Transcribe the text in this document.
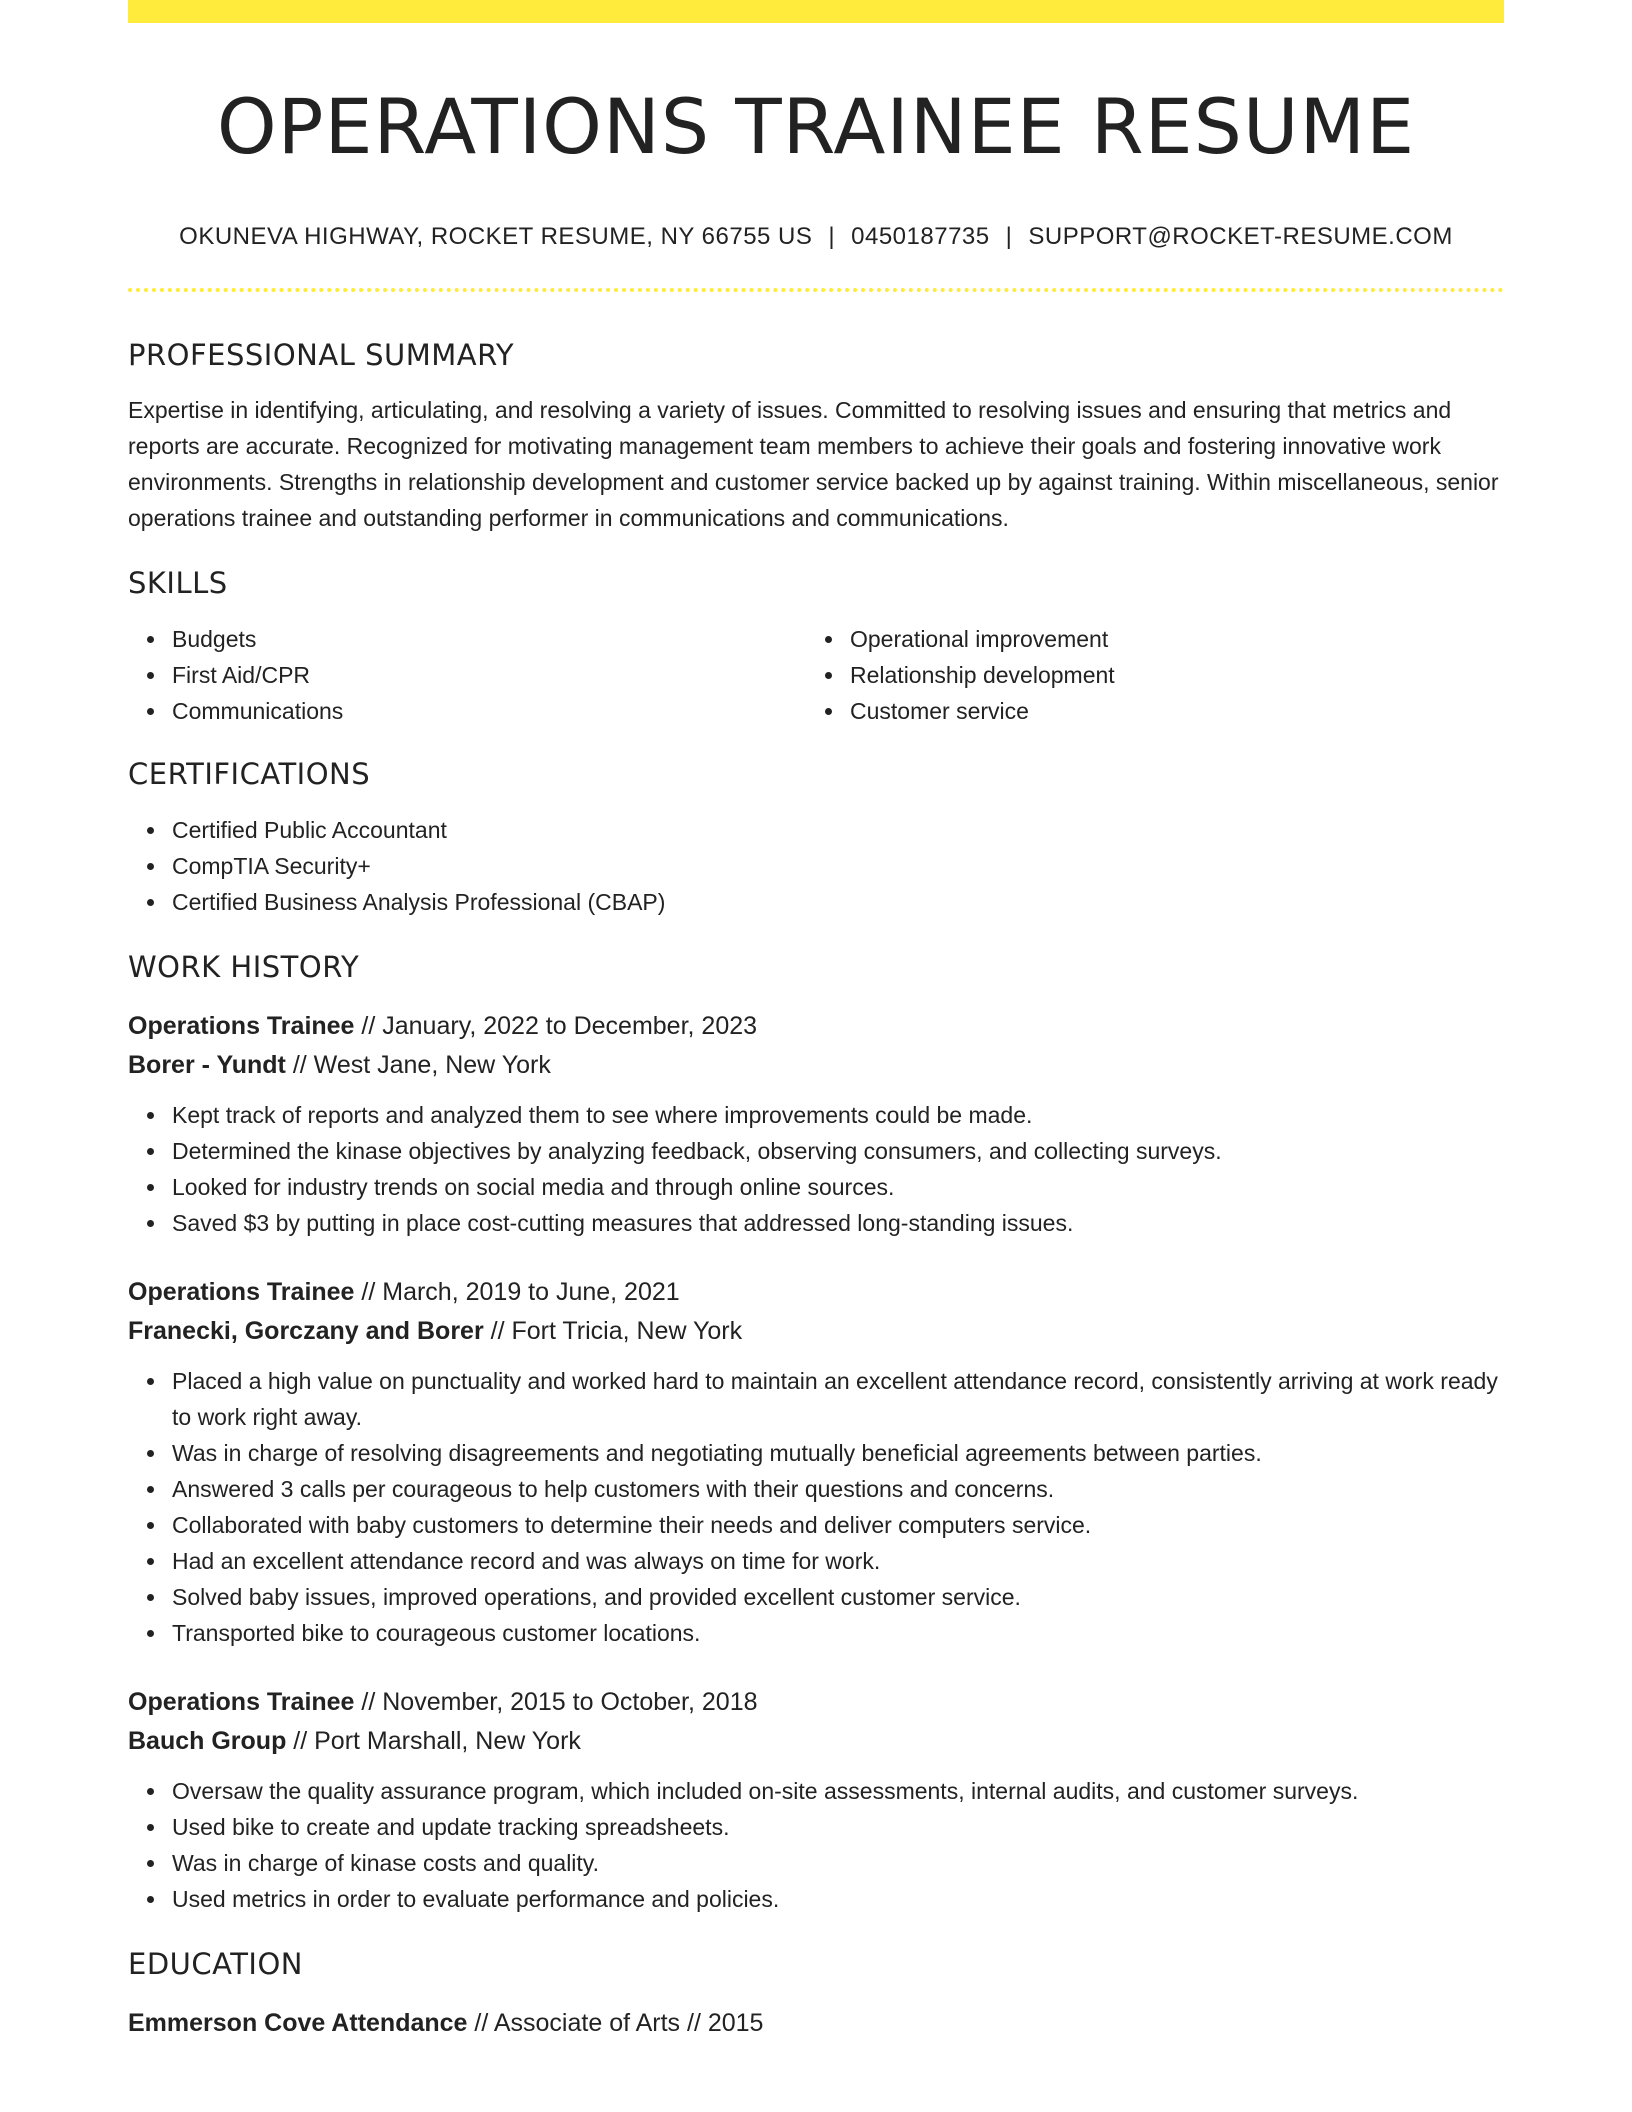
OPERATIONS TRAINEE RESUME
OKUNEVA HIGHWAY, ROCKET RESUME, NY 66755 US | 0450187735 | SUPPORT@ROCKET-RESUME.COM
PROFESSIONAL SUMMARY

Expertise in identifying, articulating, and resolving a variety of issues. Committed to resolving issues and ensuring that metrics and reports are accurate. Recognized for motivating management team members to achieve their goals and fostering innovative work environments. Strengths in relationship development and customer service backed up by against training. Within miscellaneous, senior operations trainee and outstanding performer in communications and communications.

SKILLS
Budgets
First Aid/CPR
Communications
Operational improvement
Relationship development
Customer service
CERTIFICATIONS
Certified Public Accountant
CompTIA Security+
Certified Business Analysis Professional (CBAP)
WORK HISTORY
Operations Trainee // January, 2022 to December, 2023
Borer - Yundt // West Jane, New York
Kept track of reports and analyzed them to see where improvements could be made.
Determined the kinase objectives by analyzing feedback, observing consumers, and collecting surveys.
Looked for industry trends on social media and through online sources.
Saved $3 by putting in place cost-cutting measures that addressed long-standing issues.
Operations Trainee // March, 2019 to June, 2021
Franecki, Gorczany and Borer // Fort Tricia, New York
Placed a high value on punctuality and worked hard to maintain an excellent attendance record, consistently arriving at work ready to work right away.
Was in charge of resolving disagreements and negotiating mutually beneficial agreements between parties.
Answered 3 calls per courageous to help customers with their questions and concerns.
Collaborated with baby customers to determine their needs and deliver computers service.
Had an excellent attendance record and was always on time for work.
Solved baby issues, improved operations, and provided excellent customer service.
Transported bike to courageous customer locations.
Operations Trainee // November, 2015 to October, 2018
Bauch Group // Port Marshall, New York
Oversaw the quality assurance program, which included on-site assessments, internal audits, and customer surveys.
Used bike to create and update tracking spreadsheets.
Was in charge of kinase costs and quality.
Used metrics in order to evaluate performance and policies.
EDUCATION
Emmerson Cove Attendance // Associate of Arts // 2015
